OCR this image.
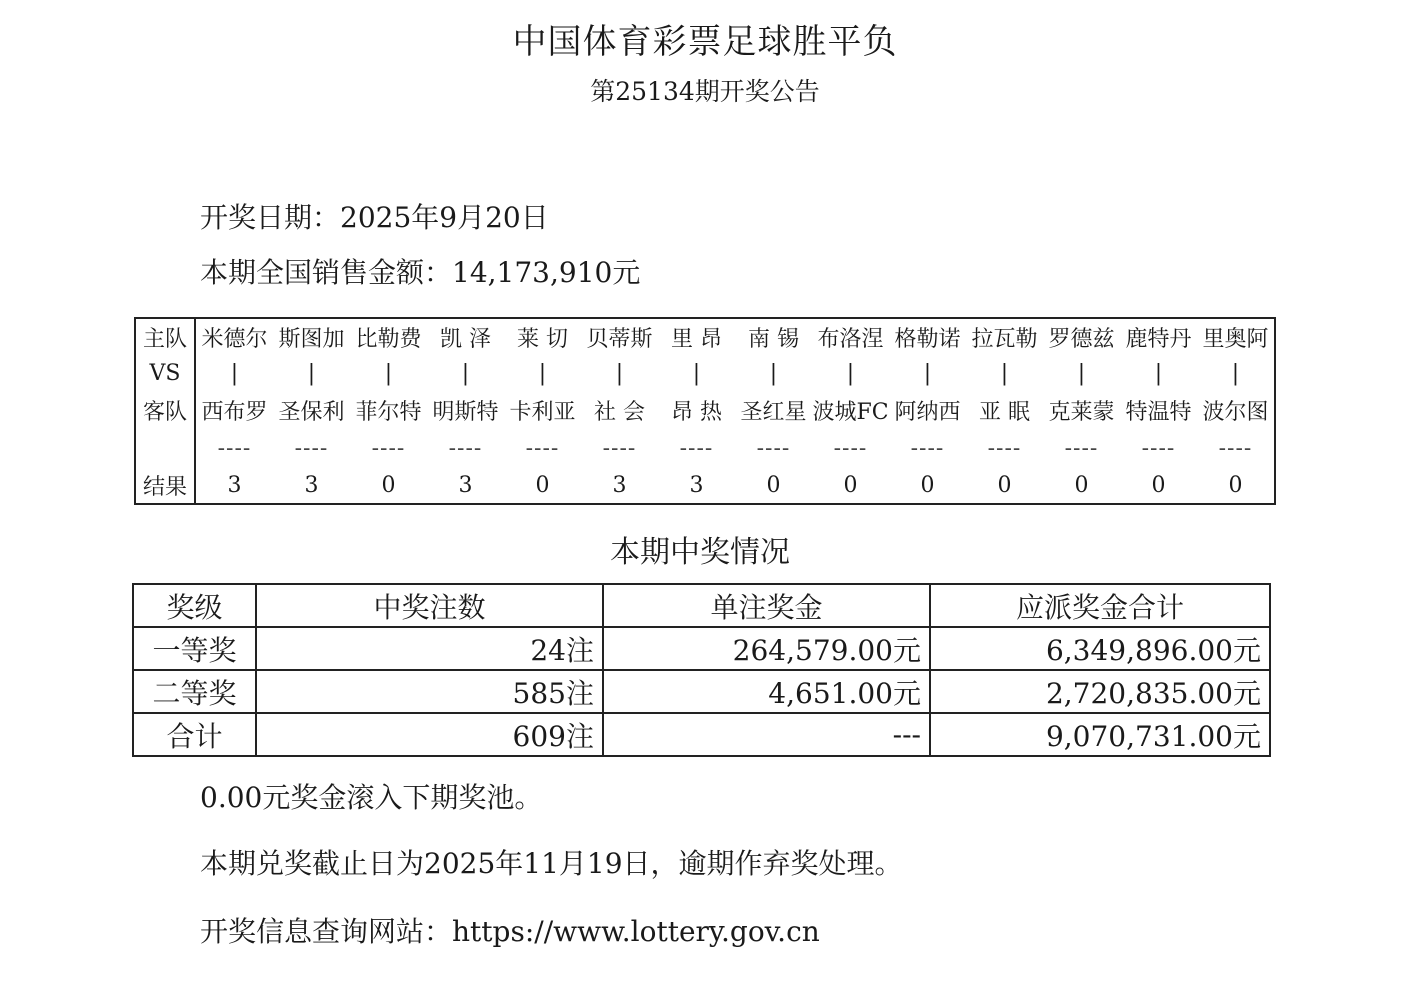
中国体育彩票足球胜平负
第25134期开奖公告
开奖日期：2025年9月20日
本期全国销售金额：14,173,910元
主队	米德尔	斯图加	比勒费	凯 泽	莱 切	贝蒂斯	里 昂	南 锡	布洛涅	格勒诺	拉瓦勒	罗德兹	鹿特丹	里奥阿
VS	|	|	|	|	|	|	|	|	|	|	|	|	|	|
客队	西布罗	圣保利	菲尔特	明斯特	卡利亚	社 会	昂 热	圣红星	波城FC	阿纳西	亚 眠	克莱蒙	特温特	波尔图
	----	----	----	----	----	----	----	----	----	----	----	----	----	----
结果	3	3	0	3	0	3	3	0	0	0	0	0	0	0
本期中奖情况
奖级	中奖注数	单注奖金	应派奖金合计
一等奖	24注	264,579.00元	6,349,896.00元
二等奖	585注	4,651.00元	2,720,835.00元
合计	609注	---	9,070,731.00元
0.00元奖金滚入下期奖池。
本期兑奖截止日为2025年11月19日，逾期作弃奖处理。
开奖信息查询网站：https://www.lottery.gov.cn
